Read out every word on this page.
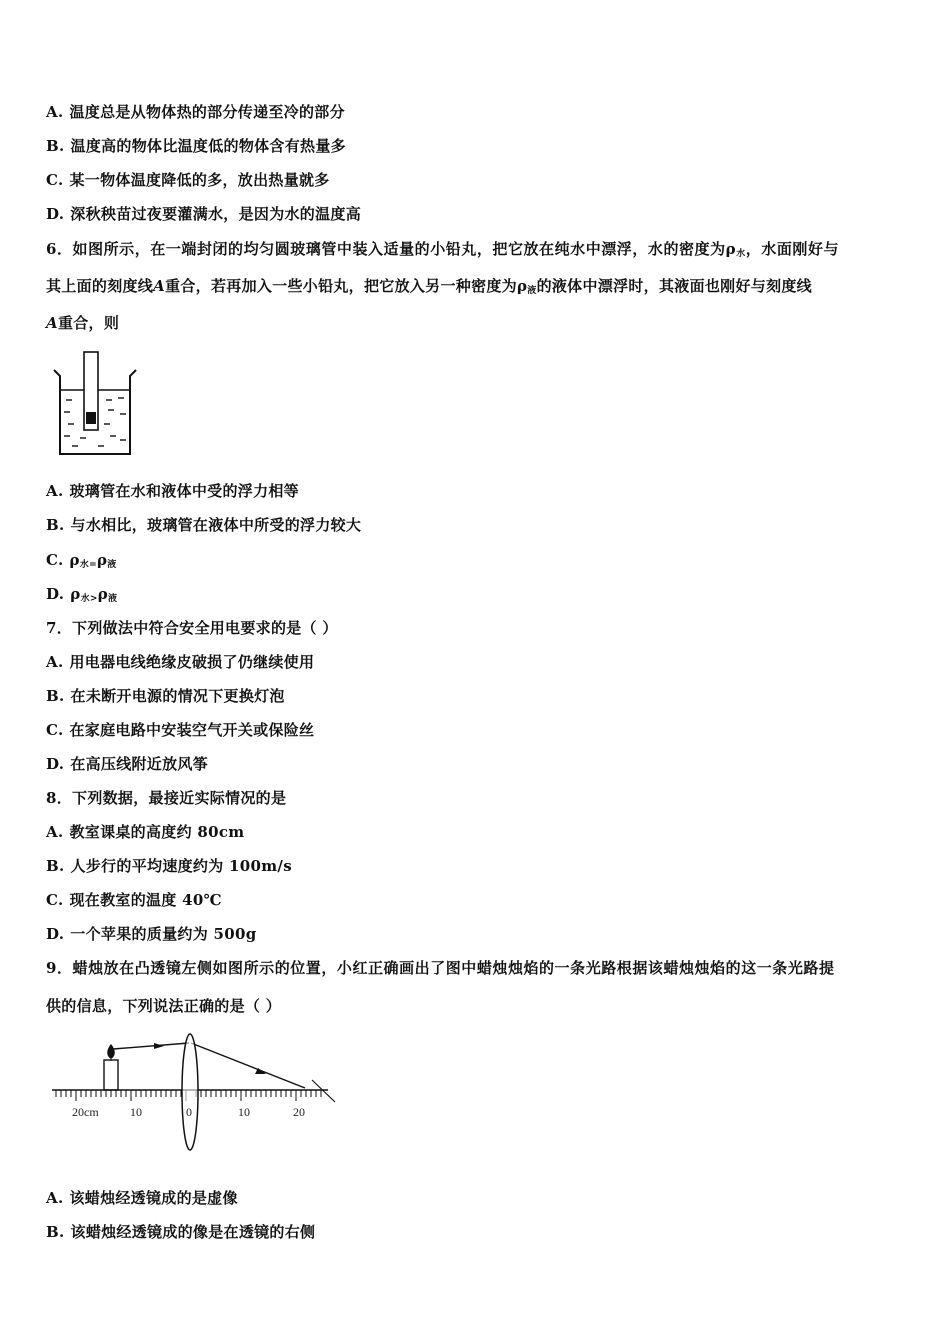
A. 温度总是从物体热的部分传递至冷的部分
B. 温度高的物体比温度低的物体含有热量多
C. 某一物体温度降低的多，放出热量就多
D. 深秋秧苗过夜要灌满水，是因为水的温度高
6．如图所示，在一端封闭的均匀圆玻璃管中装入适量的小铅丸，把它放在纯水中漂浮，水的密度为$\rho_水$，水面刚好与
其上面的刻度线A重合，若再加入一些小铅丸，把它放入另一种密度为$\rho_液$的液体中漂浮时，其液面也刚好与刻度线
A重合，则
A. 玻璃管在水和液体中受的浮力相等
B. 与水相比，玻璃管在液体中所受的浮力较大
C. $\rho_{水=}\rho_液$
D. $\rho_{水>}\rho_液$
7．下列做法中符合安全用电要求的是（ ）
A. 用电器电线绝缘皮破损了仍继续使用
B. 在未断开电源的情况下更换灯泡
C. 在家庭电路中安装空气开关或保险丝
D. 在高压线附近放风筝
8．下列数据，最接近实际情况的是
A. 教室课桌的高度约 80cm
B. 人步行的平均速度约为 100m/s
C. 现在教室的温度 40℃
D. 一个苹果的质量约为 500g
9．蜡烛放在凸透镜左侧如图所示的位置，小红正确画出了图中蜡烛烛焰的一条光路根据该蜡烛烛焰的这一条光路提
供的信息，下列说法正确的是（ ）
20cm	10	0	10	20
A. 该蜡烛经透镜成的是虚像
B. 该蜡烛经透镜成的像是在透镜的右侧
